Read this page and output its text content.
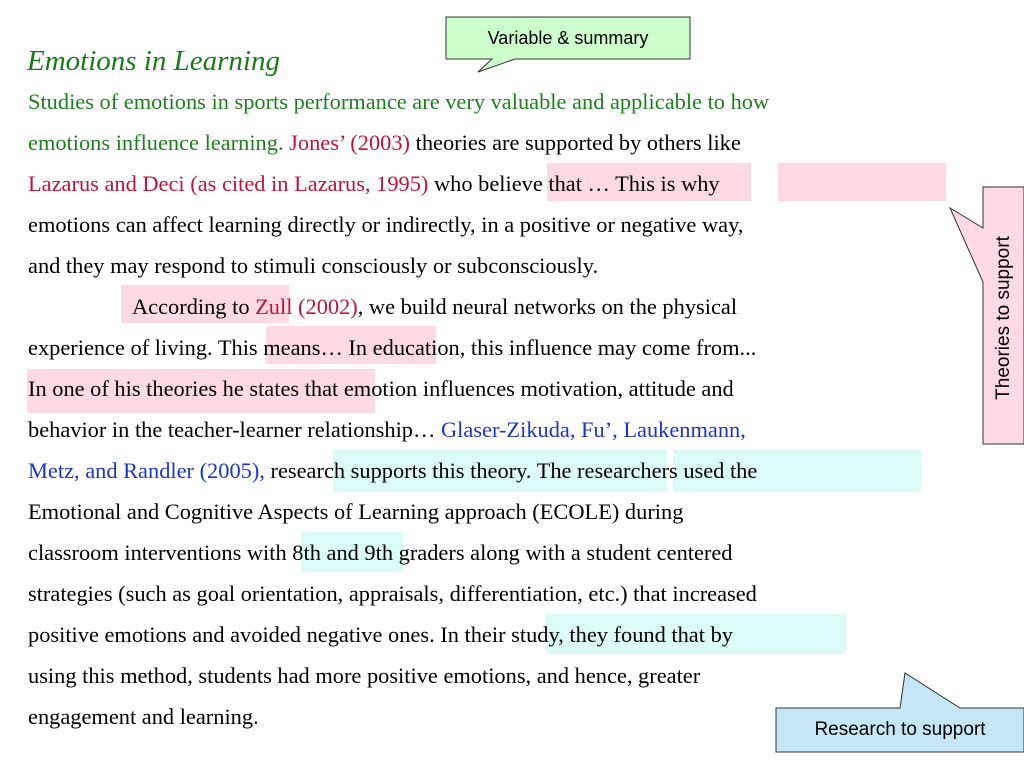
Emotions in Learning
Studies of emotions in sports performance are very valuable and applicable to how
emotions influence learning. Jones’ (2003) theories are supported by others like
Lazarus and Deci (as cited in Lazarus, 1995) who believe that … This is why
emotions can affect learning directly or indirectly, in a positive or negative way,
and they may respond to stimuli consciously or subconsciously.
According to Zull (2002), we build neural networks on the physical
experience of living. This means… In education, this influence may come from...
In one of his theories he states that emotion influences motivation, attitude and
behavior in the teacher-learner relationship… Glaser-Zikuda, Fu’, Laukenmann,
Metz, and Randler (2005), research supports this theory. The researchers used the
Emotional and Cognitive Aspects of Learning approach (ECOLE) during
classroom interventions with 8th and 9th graders along with a student centered
strategies (such as goal orientation, appraisals, differentiation, etc.) that increased
positive emotions and avoided negative ones. In their study, they found that by
using this method, students had more positive emotions, and hence, greater
engagement and learning.
Variable & summary
Theories to support
Research to support
